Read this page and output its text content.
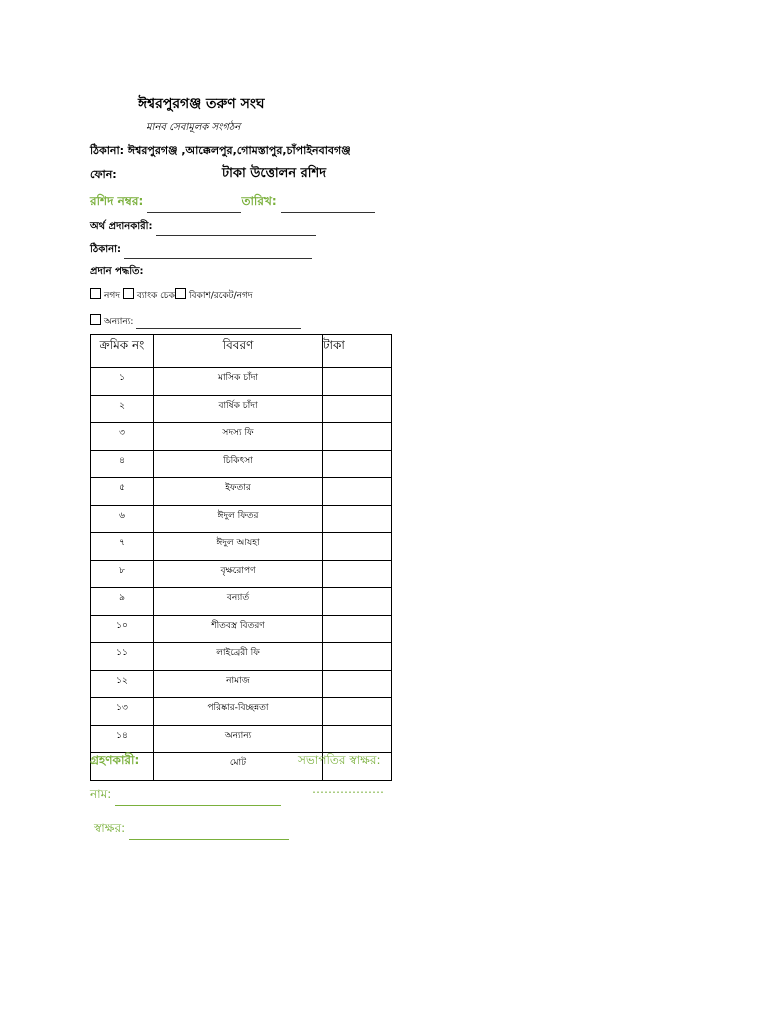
ঈশ্বরপুরগঞ্জ তরুণ সংঘ
মানব সেবামূলক সংগঠন
ঠিকানা: ঈশ্বরপুরগঞ্জ ,আক্কেলপুর,গোমস্তাপুর,চাঁপাইনবাবগঞ্জ
ফোন:	টাকা উত্তোলন রশিদ
রশিদ নম্বর:	তারিখ:
অর্থ প্রদানকারী:
ঠিকানা:
প্রদান পদ্ধতি:
নগদ ব্যাংক চেক বিকাশ/রকেট/নগদ
অন্যান্য:
ক্রমিক নং	বিবরণ	টাকা
১	মাসিক চাঁদা	
২	বার্ষিক চাঁদা	
৩	সদস্য ফি	
৪	চিকিৎসা	
৫	ইফতার	
৬	ঈদুল ফিতর	
৭	ঈদুল আযহা	
৮	বৃক্ষরোপণ	
৯	বন্যার্ত	
১০	শীতবস্ত্র বিতরণ	
১১	লাইব্রেরী ফি	
১২	নামাজ	
১৩	পরিষ্কার-বিচ্ছন্নতা	
১৪	অন্যান্য	
	মোট	
গ্রহণকারী:	সভাপতির স্বাক্ষর:
নাম:	………………
স্বাক্ষর:
